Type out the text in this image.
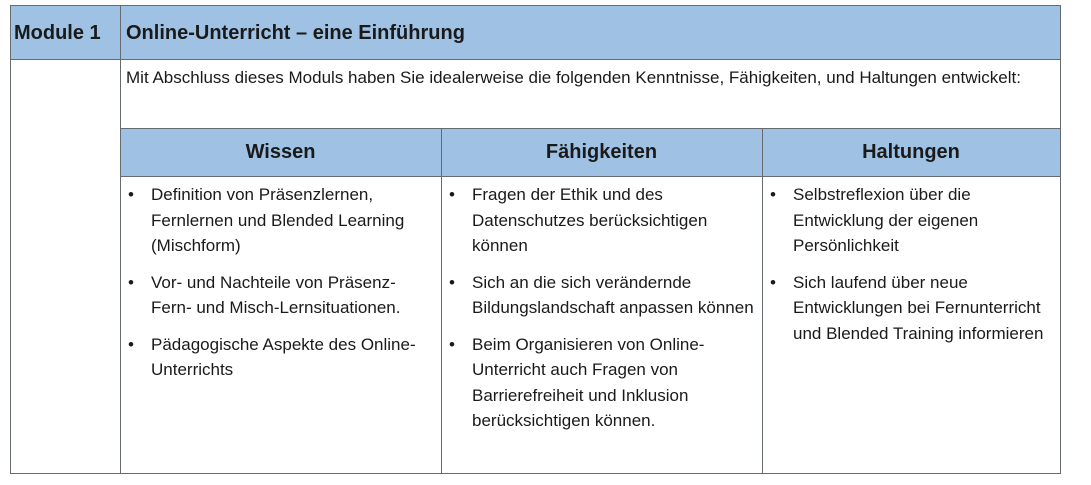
Module 1 Online-Unterricht – eine Einführung
Mit Abschluss dieses Moduls haben Sie idealerweise die folgenden Kenntnisse, Fähigkeiten, und Haltungen entwickelt:
Wissen	Fähigkeiten	Haltungen
• Definition von Präsenzlernen, Fernlernen und Blended Learning (Mischform)
• Vor- und Nachteile von Präsenz- Fern- und Misch-Lernsituationen.
• Pädagogische Aspekte des Online-Unterrichts
• Fragen der Ethik und des Datenschutzes berücksichtigen können
• Sich an die sich verändernde Bildungslandschaft anpassen können
• Beim Organisieren von Online-Unterricht auch Fragen von Barrierefreiheit und Inklusion berücksichtigen können.
• Selbstreflexion über die Entwicklung der eigenen Persönlichkeit
• Sich laufend über neue Entwicklungen bei Fernunterricht und Blended Training informieren
